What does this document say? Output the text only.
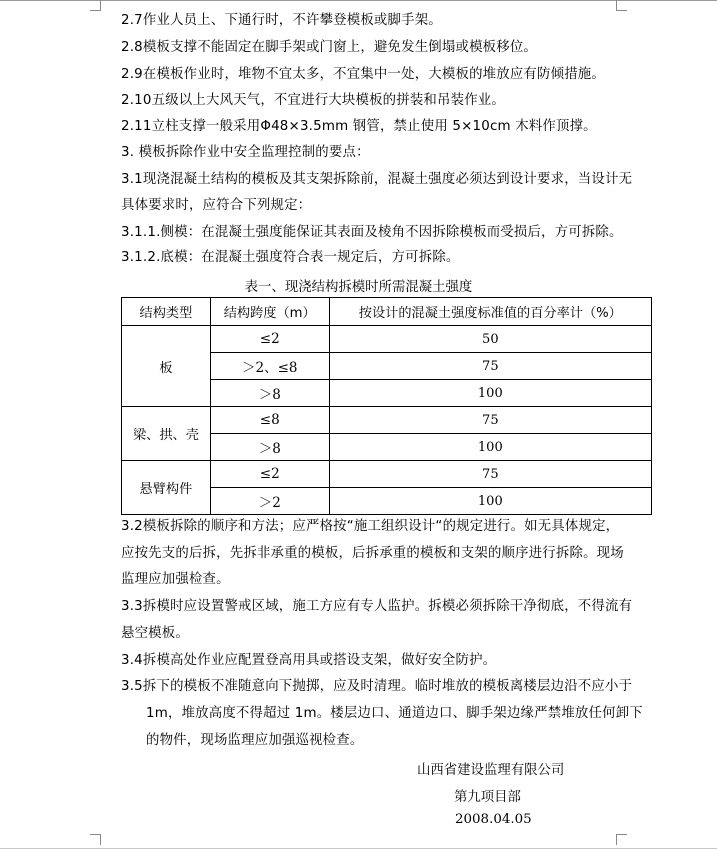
2.7作业人员上、下通行时，不许攀登模板或脚手架。
2.8模板支撑不能固定在脚手架或门窗上，避免发生倒塌或模板移位。
2.9在模板作业时，堆物不宜太多，不宜集中一处，大模板的堆放应有防倾措施。
2.10五级以上大风天气，不宜进行大块模板的拼装和吊装作业。
2.11立柱支撑一般采用Φ48×3.5mm 钢管，禁止使用 5×10cm 木料作顶撑。
3. 模板拆除作业中安全监理控制的要点：
3.1现浇混凝土结构的模板及其支架拆除前，混凝土强度必须达到设计要求，当设计无
具体要求时，应符合下列规定：
3.1.1.侧模：在混凝土强度能保证其表面及棱角不因拆除模板而受损后，方可拆除。
3.1.2.底模：在混凝土强度符合表一规定后，方可拆除。
表一、现浇结构拆模时所需混凝土强度
结构类型	结构跨度（m）	按设计的混凝土强度标准值的百分率计（%）
板	≤2	50
	＞2、≤8	75
	＞8	100
梁、拱、壳	≤8	75
	＞8	100
悬臂构件	≤2	75
	＞2	100
3.2模板拆除的顺序和方法；应严格按“施工组织设计“的规定进行。如无具体规定，
应按先支的后拆，先拆非承重的模板，后拆承重的模板和支架的顺序进行拆除。现场
监理应加强检查。
3.3拆模时应设置警戒区域，施工方应有专人监护。拆模必须拆除干净彻底，不得流有
悬空模板。
3.4拆模高处作业应配置登高用具或搭设支架，做好安全防护。
3.5拆下的模板不准随意向下抛掷，应及时清理。临时堆放的模板离楼层边沿不应小于
1m，堆放高度不得超过 1m。楼层边口、通道边口、脚手架边缘严禁堆放任何卸下
的物件，现场监理应加强巡视检查。
山西省建设监理有限公司
第九项目部
2008.04.05
